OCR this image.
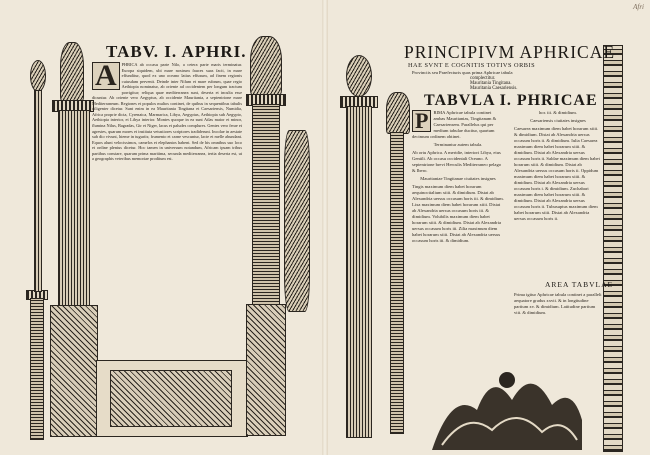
Afri
TABV. I. APHRI.
A	PHRICA ab occasu parte Nilo, a cetera parte maris terminatur. Europa siquidem, ubi mare nostrum fauces suas facit, in mare effunditur, quod ex uno oceano latius effusum, ad finem regionis cuiusdam pervenit. Deinde inter Nilum et mare rubrum, quae regio Aethiopia nominatur, ab oriente ad occidentem per longum tractum porrigitur; reliqua quae mediterranea sunt, deserta et inculta esse dicuntur. Ab oriente vero Aegyptus, ab occidente Mauritania, a septentrione mare Mediterraneum. Regiones et populos multos continet, de quibus in sequentibus tabulis diligenter dicetur. Sunt enim in ea Mauritania Tingitana et Caesariensis, Numidia, Africa proprie dicta, Cyrenaica, Marmarica, Libya, Aegyptus, Aethiopia sub Aegypto, Aethiopia interior, et Libya interior. Montes quoque in ea sunt Atlas maior et minor, flumina Nilus, Bagradas, Gir et Niger, lacus et paludes complures. Gentes vero ferae et agrestes, quarum mores et instituta vetustiores scriptores tradiderunt. Incolae in aestate sub dio vivunt, hieme in tuguriis; frumento et carne vescuntur, lacte et melle abundant. Equos alunt velocissimos, camelos et elephantos habent. Sed de his omnibus suo loco et ordine plenius dicetur. Hoc tamen in universum notandum, Africam ipsam tribus partibus constare, quarum prima maritima, secunda mediterranea, tertia deserta est, ut a geographis veteribus memoriae proditum est.
PRINCIPIVM APHRICAE
HAE SVNT E COGNITIS TOTIVS ORBIS
Provinciis seu Praefecturis quas prima Aphricae tabula
complectitur.
Mauritania Tingitana.
Mauritania Caesariensis.
TABVLA I. PHRICAE

P	RIMA Aphricae tabula continet ambas Mauritanias, Tingitanam & Caesariensem. Parallelus qui per medium tabulae ducitur, quartum decimum ordinem obtinet.

Terminantur autem tabula.

Ab ortu Aphrica. A meridie, interiori Libya, eius Gentili. Ab occasu occidentali Oceano. A septentrione brevi Herculis Mediterraneo pelago & Ibero.

Mauritaniae Tingitanae ciuitates insignes

Tingis maximum diem habet horarum aequinoctialium xiiii. & dimidium. Distat ab Alexandria uersus occasum horis iii. & dimidium. Lixa maximum diem habet horarum xiiii. Distat ab Alexandria uersus occasum horis iii. & dimidium. Volubilis maximum diem habet horarum xiiii. & dimidium. Distat ab Alexandria uersus occasum horis iii. Zilia maximum diem habet horarum xiiii. Distat ab Alexandria uersus occasum horis iii. & dimidium.

hor. iii. & dimidium.

Caesariensis ciuitates insignes

Caesarea maximum diem habet horarum xiiii. & dimidium. Distat ab Alexandria uersus occasum horis ii. & dimidium. Iulia Caesarea maximum diem habet horarum xiiii. & dimidium. Distat ab Alexandria uersus occasum horis ii. Saldae maximum diem habet horarum xiiii. & dimidium. Distat ab Alexandria uersus occasum horis ii. Oppidum maximum diem habet horarum xiiii. & dimidium. Distat ab Alexandria uersus occasum horis i. & dimidium. Zuchabari maximum diem habet horarum xiiii. & dimidium. Distat ab Alexandria uersus occasum horis ii. Tubusuptus maximum diem habet horarum xiiii. Distat ab Alexandria uersus occasum horis ii.

AREA TABVLAE

Prima igitur Aphricae tabula continet a paralleli aequatore gradus xxvii. & in longitudine partium xv. & dimidium. Latitudine partium viii. & dimidium.
